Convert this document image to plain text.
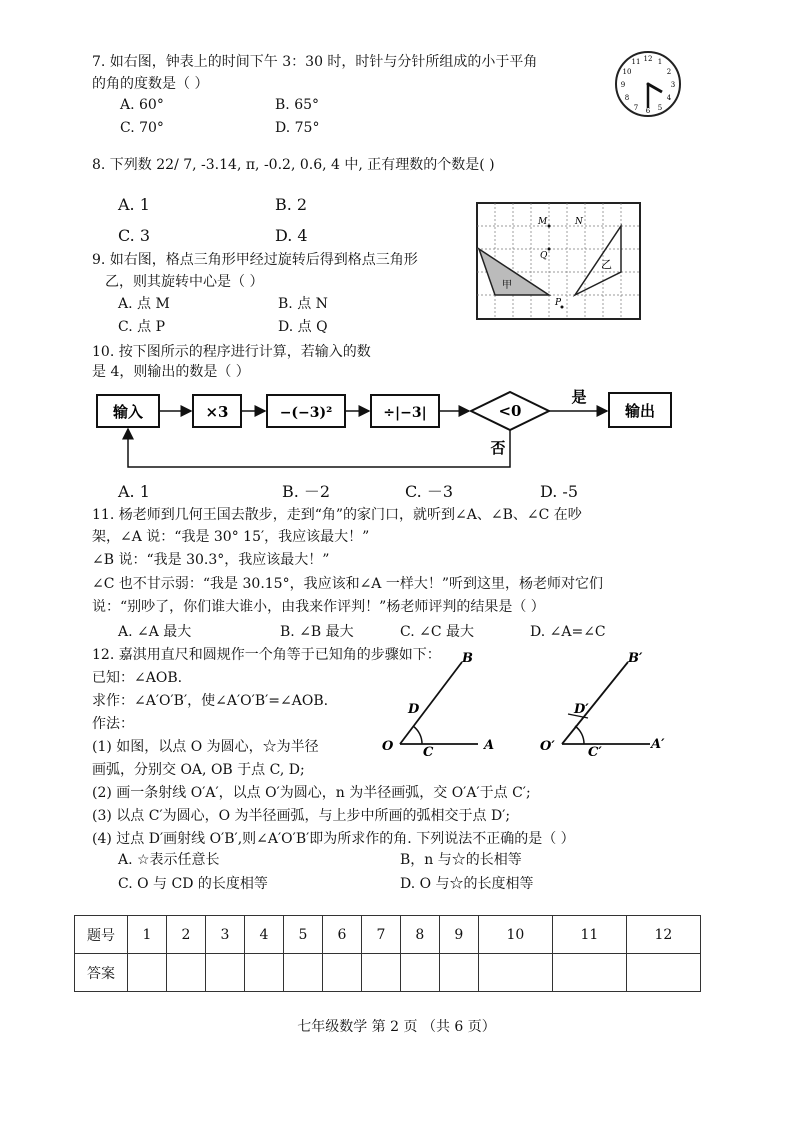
7. 如右图，钟表上的时间下午 3：30 时，时针与分针所组成的小于平角
的角的度数是（ ）
A. 60°	B. 65°
C. 70°	D. 75°
12 1
2
3
4
5
6
7
8
9
10
11
8. 下列数 22/ 7, -3.14, π, -0.2, 0.6, 4 中, 正有理数的个数是( )
A. 1	B. 2
C. 3	D. 4
甲
乙
M	N
Q
P
9. 如右图，格点三角形甲经过旋转后得到格点三角形
乙，则其旋转中心是（ ）
A. 点 M	B. 点 N
C. 点 P	D. 点 Q
10. 按下图所示的程序进行计算，若输入的数
是 4，则输出的数是（ ）
输入	×3	−(−3)²	÷|−3|	<0
是
输出
否
A. 1	B. －2	C. －3	D. -5
11. 杨老师到几何王国去散步，走到“角”的家门口，就听到∠A、∠B、∠C 在吵
架，∠A 说：“我是 30° 15′，我应该最大！”
∠B 说：“我是 30.3°，我应该最大！”
∠C 也不甘示弱：“我是 30.15°，我应该和∠A 一样大！”听到这里，杨老师对它们
说：“别吵了，你们谁大谁小，由我来作评判！”杨老师评判的结果是（ ）
A. ∠A 最大	B. ∠B 最大	C. ∠C 最大	D. ∠A=∠C
12. 嘉淇用直尺和圆规作一个角等于已知角的步骤如下：
已知：∠AOB.
求作：∠A′O′B′，使∠A′O′B′=∠AOB.
作法：
(1) 如图，以点 O 为圆心，☆为半径
画弧，分别交 OA, OB 于点 C, D;
(2) 画一条射线 O′A′，以点 O′为圆心，n 为半径画弧，交 O′A′于点 C′;
(3) 以点 C′为圆心，O 为半径画弧，与上步中所画的弧相交于点 D′;
(4) 过点 D′画射线 O′B′,则∠A′O′B′即为所求作的角. 下列说法不正确的是（ ）
A. ☆表示任意长	B，n 与☆的长相等
C. O 与 CD 的长度相等	D. O 与☆的长度相等
B
D
O C	A
B′
D′
O′	C′
A′
题号	1	2	3	4	5	6	7	8	9	10	11	12
答案												
七年级数学 第 2 页 （共 6 页）
